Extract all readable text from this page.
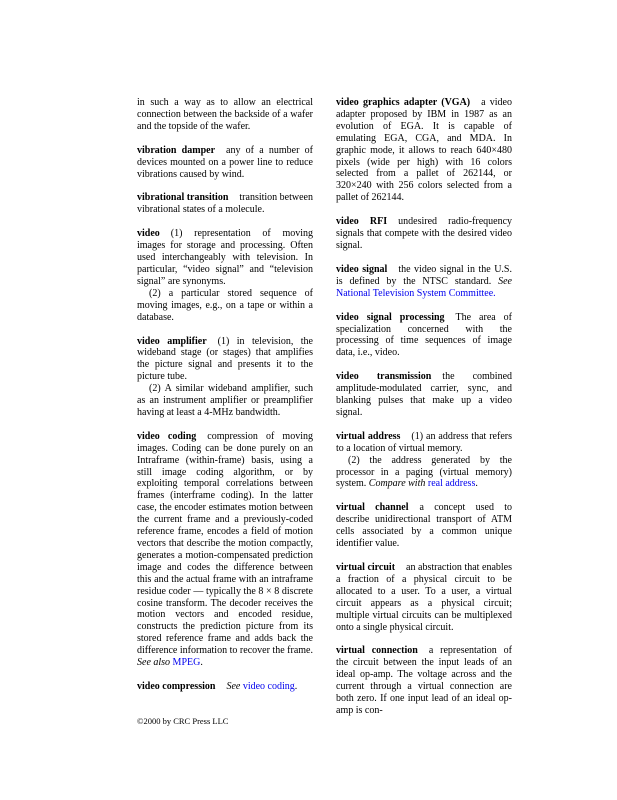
in such a way as to allow an electrical connection between the backside of a wafer and the topside of the wafer.

vibration damper any of a number of devices mounted on a power line to reduce vibrations caused by wind.

vibrational transition transition between vibrational states of a molecule.

video (1) representation of moving images for storage and processing. Often used interchangeably with television. In particular, “video signal” and “television signal” are synonyms.

(2) a particular stored sequence of moving images, e.g., on a tape or within a database.

video amplifier (1) in television, the wideband stage (or stages) that amplifies the picture signal and presents it to the picture tube.

(2) A similar wideband amplifier, such as an instrument amplifier or preamplifier having at least a 4-MHz bandwidth.

video coding compression of moving images. Coding can be done purely on an Intraframe (within-frame) basis, using a still image coding algorithm, or by exploiting temporal correlations between frames (interframe coding). In the latter case, the encoder estimates motion between the current frame and a previously-coded reference frame, encodes a field of motion vectors that describe the motion compactly, generates a motion-compensated prediction image and codes the difference between this and the actual frame with an intraframe residue coder — typically the 8 × 8 discrete cosine transform. The decoder receives the motion vectors and encoded residue, constructs the prediction picture from its stored reference frame and adds back the difference information to recover the frame. See also MPEG.

video compression See video coding.

video graphics adapter (VGA) a video adapter proposed by IBM in 1987 as an evolution of EGA. It is capable of emulating EGA, CGA, and MDA. In graphic mode, it allows to reach 640×480 pixels (wide per high) with 16 colors selected from a pallet of 262144, or 320×240 with 256 colors selected from a pallet of 262144.

video RFI undesired radio-frequency signals that compete with the desired video signal.

video signal the video signal in the U.S. is defined by the NTSC standard. See National Television System Committee.

video signal processing The area of specialization concerned with the processing of time sequences of image data, i.e., video.

video transmission the combined amplitude-modulated carrier, sync, and blanking pulses that make up a video signal.

virtual address (1) an address that refers to a location of virtual memory.

(2) the address generated by the processor in a paging (virtual memory) system. Compare with real address.

virtual channel a concept used to describe unidirectional transport of ATM cells associated by a common unique identifier value.

virtual circuit an abstraction that enables a fraction of a physical circuit to be allocated to a user. To a user, a virtual circuit appears as a physical circuit; multiple virtual circuits can be multiplexed onto a single physical circuit.

virtual connection a representation of the circuit between the input leads of an ideal op-amp. The voltage across and the current through a virtual connection are both zero. If one input lead of an ideal op-amp is con-

©2000 by CRC Press LLC
